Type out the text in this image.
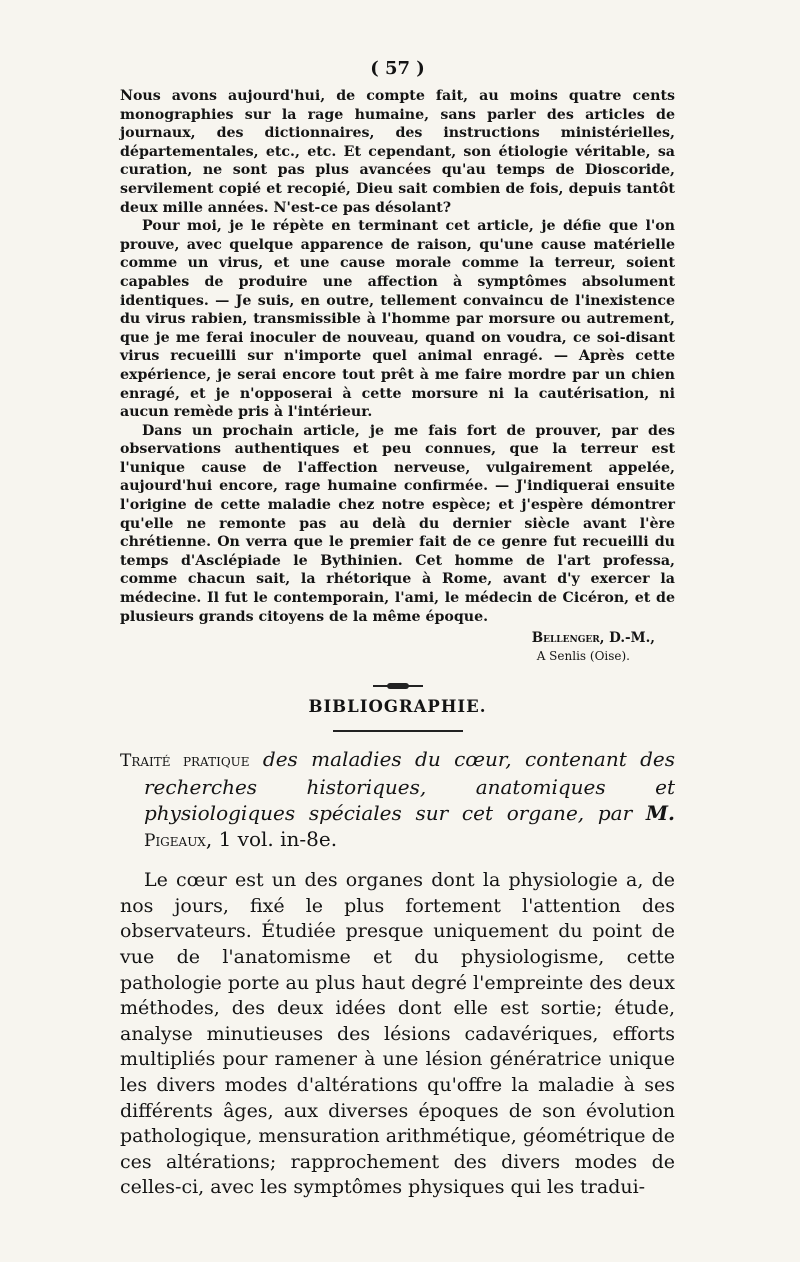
( 57 )

Nous avons aujourd'hui, de compte fait, au moins quatre cents monographies sur la rage humaine, sans parler des articles de journaux, des dictionnaires, des instructions ministérielles, départementales, etc., etc. Et cependant, son étiologie véritable, sa curation, ne sont pas plus avancées qu'au temps de Dioscoride, servilement copié et recopié, Dieu sait combien de fois, depuis tantôt deux mille années. N'est-ce pas désolant?

Pour moi, je le répète en terminant cet article, je défie que l'on prouve, avec quelque apparence de raison, qu'une cause matérielle comme un virus, et une cause morale comme la terreur, soient capables de produire une affection à symptômes absolument identiques. — Je suis, en outre, tellement convaincu de l'inexistence du virus rabien, transmissible à l'homme par morsure ou autrement, que je me ferai inoculer de nouveau, quand on voudra, ce soi-disant virus recueilli sur n'importe quel animal enragé. — Après cette expérience, je serai encore tout prêt à me faire mordre par un chien enragé, et je n'opposerai à cette morsure ni la cautérisation, ni aucun remède pris à l'intérieur.

Dans un prochain article, je me fais fort de prouver, par des observations authentiques et peu connues, que la terreur est l'unique cause de l'affection nerveuse, vulgairement appelée, aujourd'hui encore, rage humaine confirmée. — J'indiquerai ensuite l'origine de cette maladie chez notre espèce; et j'espère démontrer qu'elle ne remonte pas au delà du dernier siècle avant l'ère chrétienne. On verra que le premier fait de ce genre fut recueilli du temps d'Asclépiade le Bythinien. Cet homme de l'art professa, comme chacun sait, la rhétorique à Rome, avant d'y exercer la médecine. Il fut le contemporain, l'ami, le médecin de Cicéron, et de plusieurs grands citoyens de la même époque.

Bellenger, D.-M.,
A Senlis (Oise).
BIBLIOGRAPHIE.

Traité pratique des maladies du cœur, contenant des recherches historiques, anatomiques et physiologiques spéciales sur cet organe, par M. Pigeaux, 1 vol. in-8e.

Le cœur est un des organes dont la physiologie a, de nos jours, fixé le plus fortement l'attention des observateurs. Étudiée presque uniquement du point de vue de l'anatomisme et du physiologisme, cette pathologie porte au plus haut degré l'empreinte des deux méthodes, des deux idées dont elle est sortie; étude, analyse minutieuses des lésions cadavériques, efforts multipliés pour ramener à une lésion génératrice unique les divers modes d'altérations qu'offre la maladie à ses différents âges, aux diverses époques de son évolution pathologique, mensuration arithmétique, géométrique de ces altérations; rapprochement des divers modes de celles-ci, avec les symptômes physiques qui les tradui-
